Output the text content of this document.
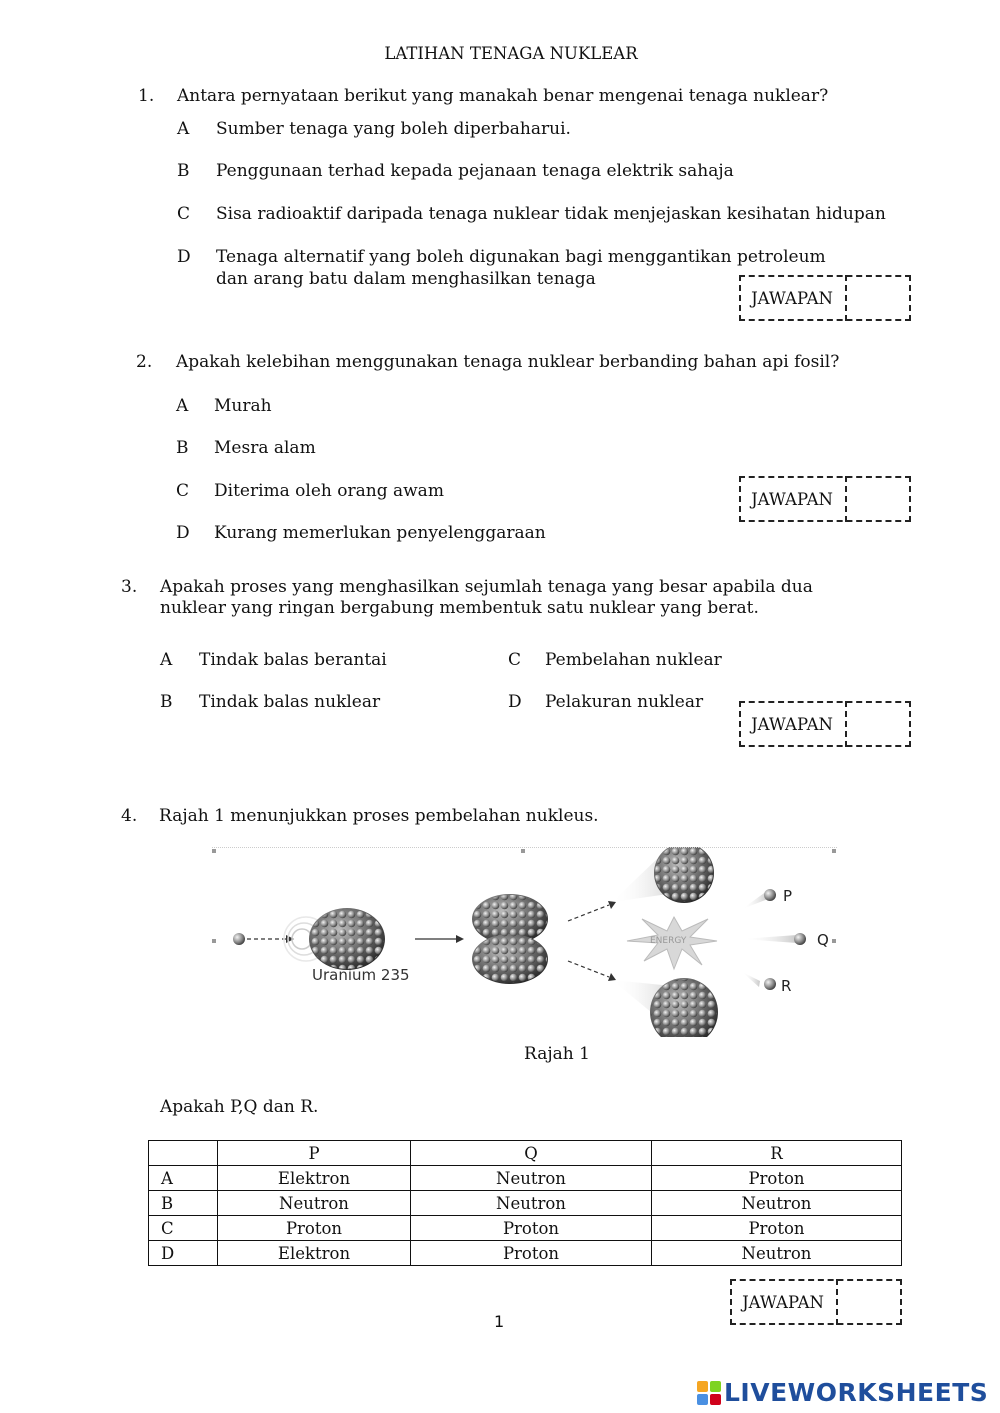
LATIHAN TENAGA NUKLEAR
1. Antara pernyataan berikut yang manakah benar mengenai tenaga nuklear?
A Sumber tenaga yang boleh diperbaharui.
B Penggunaan terhad kepada pejanaan tenaga elektrik sahaja
C Sisa radioaktif daripada tenaga nuklear tidak menjejaskan kesihatan hidupan
D Tenaga alternatif yang boleh digunakan bagi menggantikan petroleum
dan arang batu dalam menghasilkan tenaga
JAWAPAN
2. Apakah kelebihan menggunakan tenaga nuklear berbanding bahan api fosil?
A Murah
B Mesra alam
C Diterima oleh orang awam
D Kurang memerlukan penyelenggaraan
JAWAPAN
3. Apakah proses yang menghasilkan sejumlah tenaga yang besar apabila dua
nuklear yang ringan bergabung membentuk satu nuklear yang berat.
A Tindak balas berantai	C Pembelahan nuklear
B Tindak balas nuklear	D Pelakuran nuklear
JAWAPAN
4. Rajah 1 menunjukkan proses pembelahan nukleus.
Uranium 235
ENERGY
P
Q
R
Rajah 1
Apakah P,Q dan R.
	P	Q	R
A	Elektron	Neutron	Proton
B	Neutron	Neutron	Neutron
C	Proton	Proton	Proton
D	Elektron	Proton	Neutron
JAWAPAN
1
LIVEWORKSHEETS
